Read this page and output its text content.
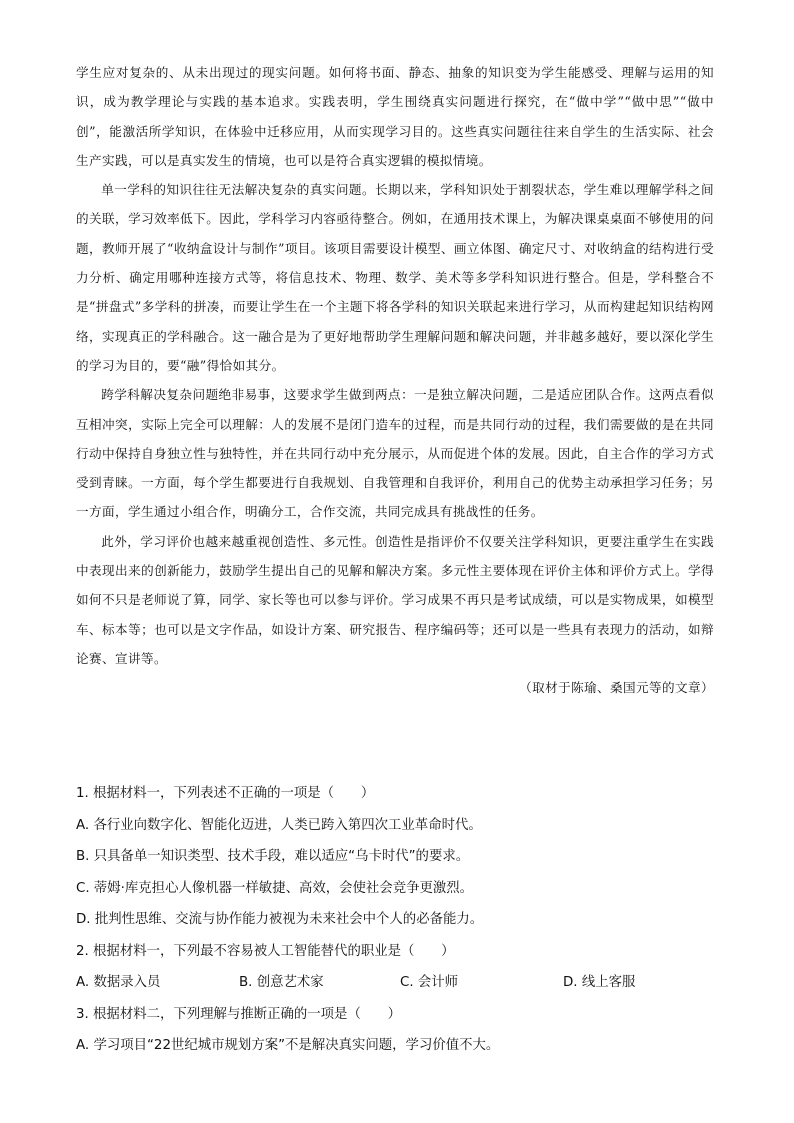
学生应对复杂的、从未出现过的现实问题。如何将书面、静态、抽象的知识变为学生能感受、理解与运用的知识，成为教学理论与实践的基本追求。实践表明，学生围绕真实问题进行探究，在“做中学”“做中思”“做中创”，能激活所学知识，在体验中迁移应用，从而实现学习目的。这些真实问题往往来自学生的生活实际、社会生产实践，可以是真实发生的情境，也可以是符合真实逻辑的模拟情境。

单一学科的知识往往无法解决复杂的真实问题。长期以来，学科知识处于割裂状态，学生难以理解学科之间的关联，学习效率低下。因此，学科学习内容亟待整合。例如，在通用技术课上，为解决课桌桌面不够使用的问题，教师开展了“收纳盒设计与制作”项目。该项目需要设计模型、画立体图、确定尺寸、对收纳盒的结构进行受力分析、确定用哪种连接方式等，将信息技术、物理、数学、美术等多学科知识进行整合。但是，学科整合不是“拼盘式”多学科的拼凑，而要让学生在一个主题下将各学科的知识关联起来进行学习，从而构建起知识结构网络，实现真正的学科融合。这一融合是为了更好地帮助学生理解问题和解决问题，并非越多越好，要以深化学生的学习为目的，要“融”得恰如其分。

跨学科解决复杂问题绝非易事，这要求学生做到两点：一是独立解决问题，二是适应团队合作。这两点看似互相冲突，实际上完全可以理解：人的发展不是闭门造车的过程，而是共同行动的过程，我们需要做的是在共同行动中保持自身独立性与独特性，并在共同行动中充分展示，从而促进个体的发展。因此，自主合作的学习方式受到青睐。一方面，每个学生都要进行自我规划、自我管理和自我评价，利用自己的优势主动承担学习任务；另一方面，学生通过小组合作，明确分工，合作交流，共同完成具有挑战性的任务。

此外，学习评价也越来越重视创造性、多元性。创造性是指评价不仅要关注学科知识，更要注重学生在实践中表现出来的创新能力，鼓励学生提出自己的见解和解决方案。多元性主要体现在评价主体和评价方式上。学得如何不只是老师说了算，同学、家长等也可以参与评价。学习成果不再只是考试成绩，可以是实物成果，如模型车、标本等；也可以是文字作品，如设计方案、研究报告、程序编码等；还可以是一些具有表现力的活动，如辩论赛、宣讲等。

（取材于陈瑜、桑国元等的文章）

1. 根据材料一，下列表述不正确的一项是（　　）

A. 各行业向数字化、智能化迈进，人类已跨入第四次工业革命时代。

B. 只具备单一知识类型、技术手段，难以适应“乌卡时代”的要求。

C. 蒂姆·库克担心人像机器一样敏捷、高效，会使社会竞争更激烈。

D. 批判性思维、交流与协作能力被视为未来社会中个人的必备能力。

2. 根据材料一，下列最不容易被人工智能替代的职业是（　　）

A. 数据录入员	B. 创意艺术家	C. 会计师	D. 线上客服

3. 根据材料二，下列理解与推断正确的一项是（　　）

A. 学习项目“22世纪城市规划方案”不是解决真实问题，学习价值不大。
